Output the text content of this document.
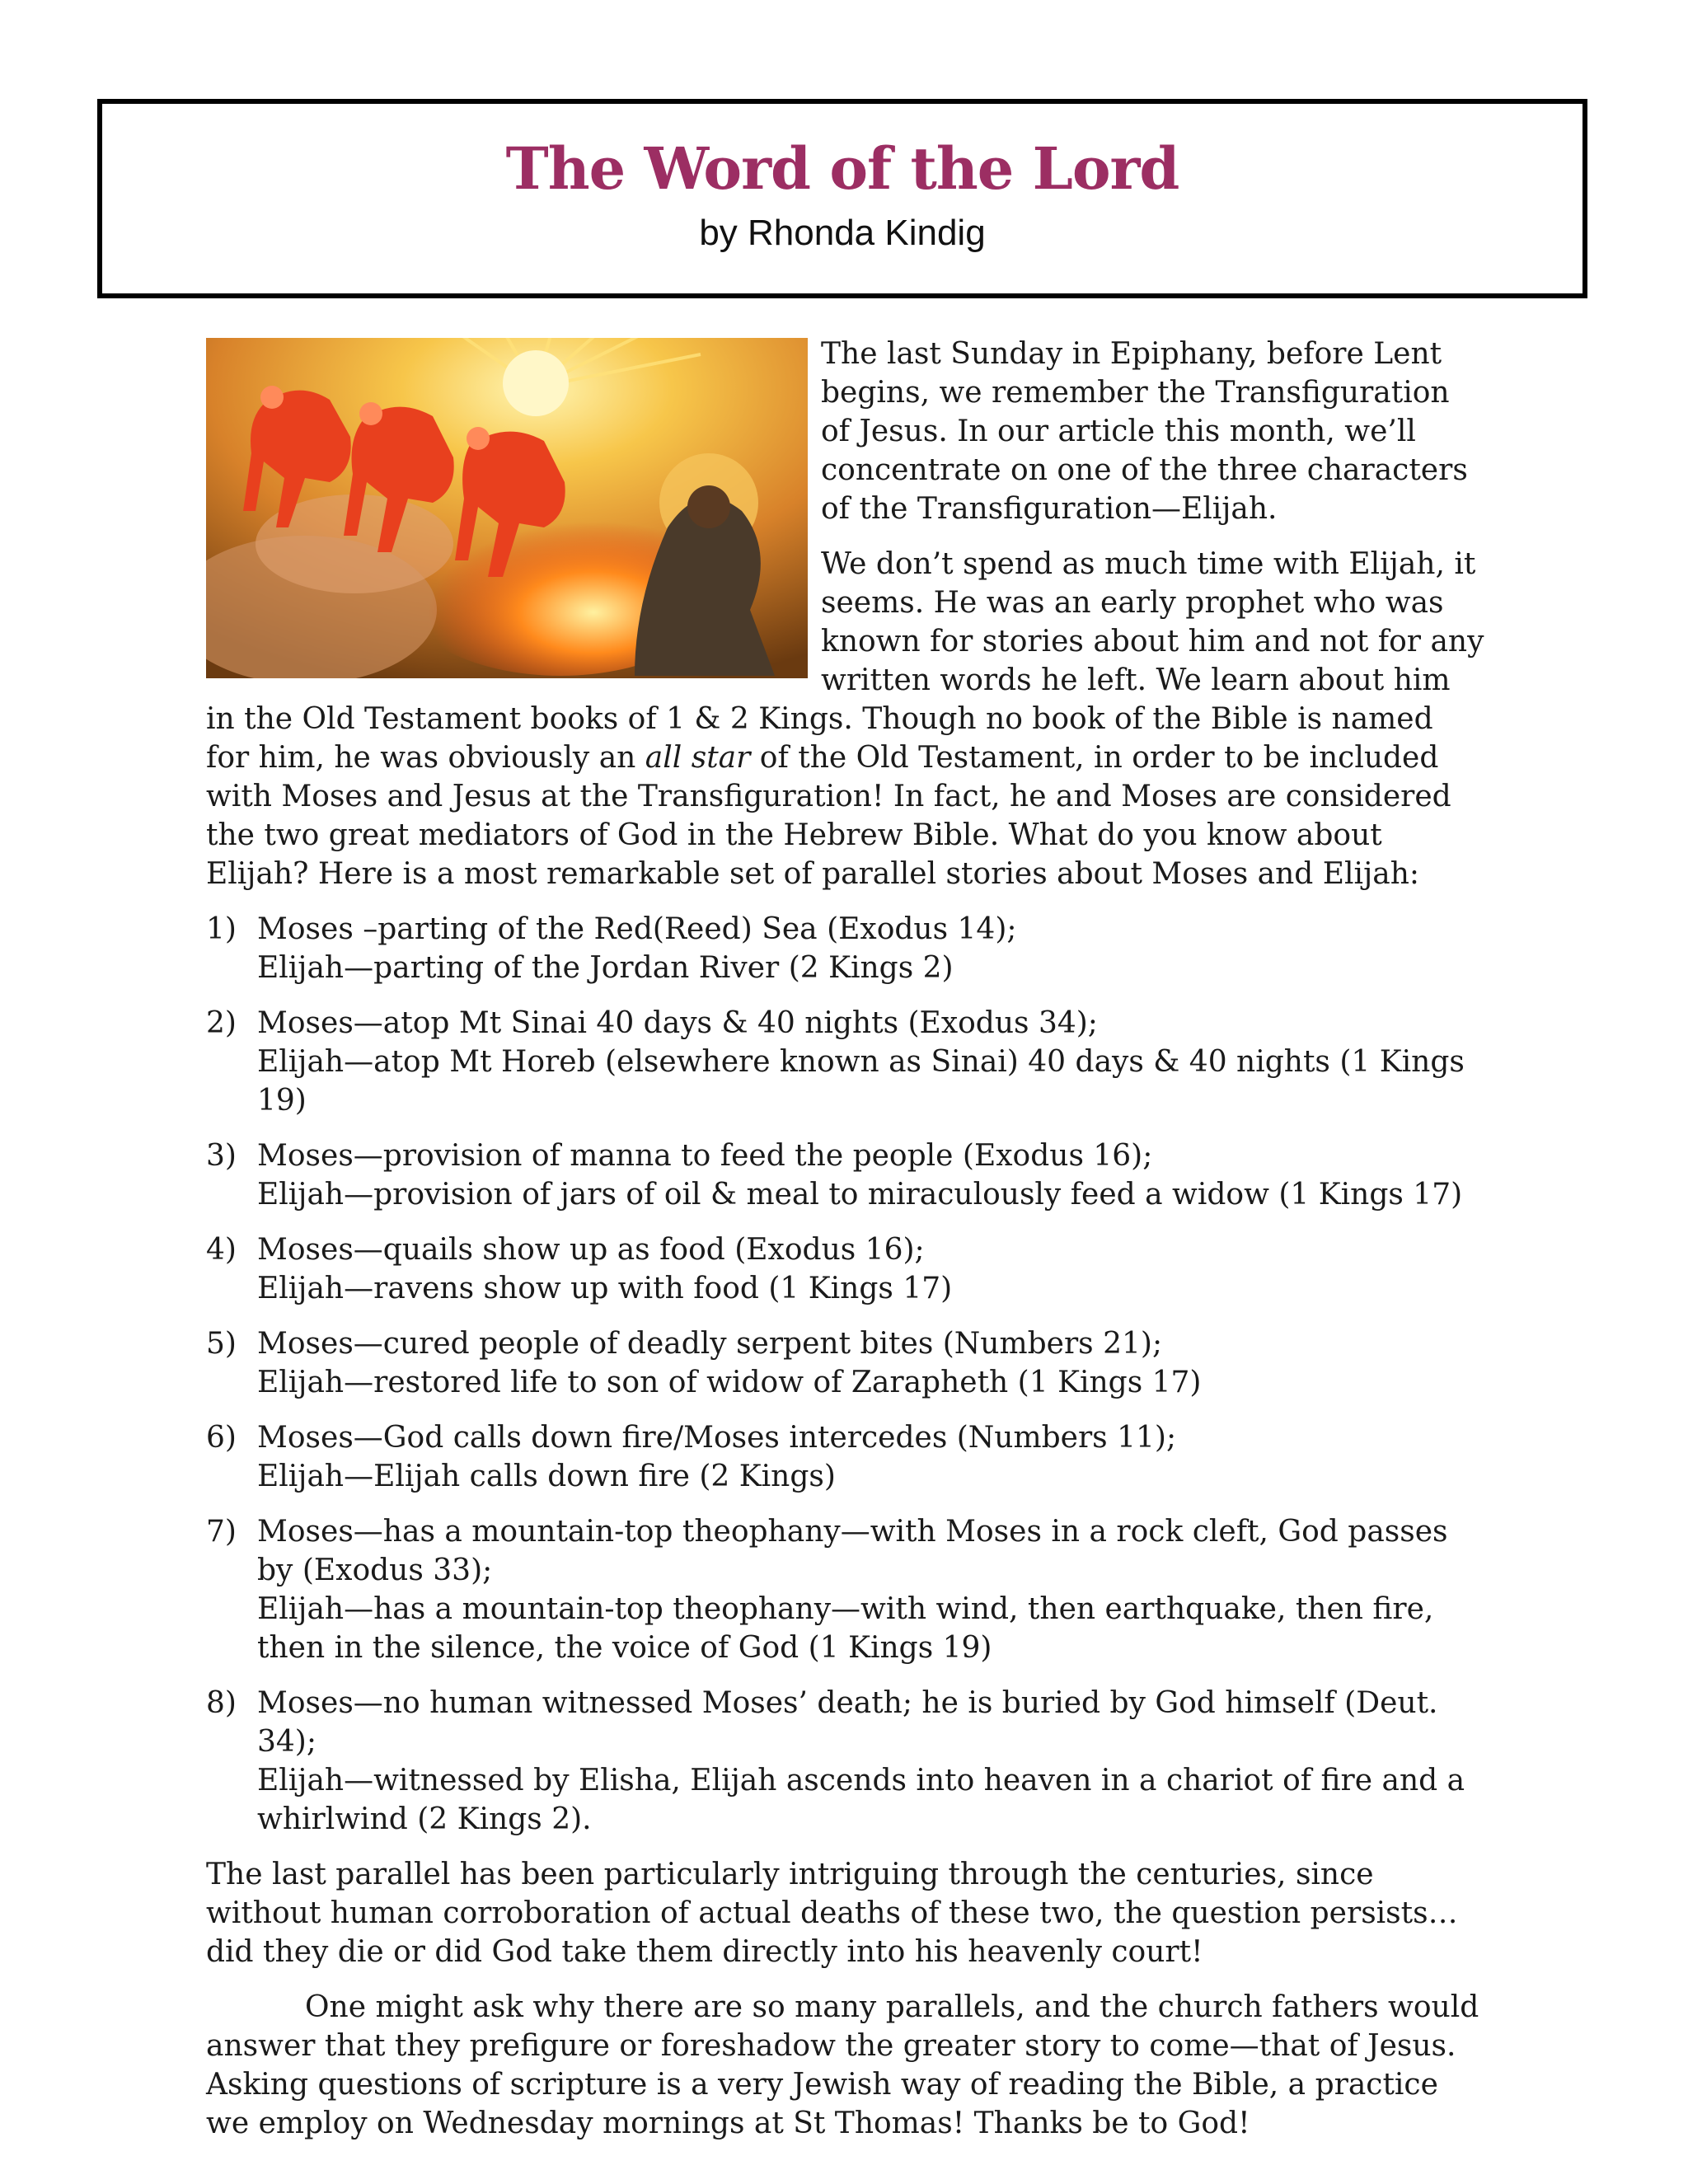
The Word of the Lord
by Rhonda Kindig

The last Sunday in Epiphany, before Lent begins, we remember the Transfiguration of Jesus. In our article this month, we’ll concentrate on one of the three characters of the Transfiguration—Elijah.

We don’t spend as much time with Elijah, it seems. He was an early prophet who was known for stories about him and not for any written words he left. We learn about him in the Old Testament books of 1 & 2 Kings. Though no book of the Bible is named for him, he was obviously an all star of the Old Testament, in order to be included with Moses and Jesus at the Transfiguration! In fact, he and Moses are considered the two great mediators of God in the Hebrew Bible. What do you know about Elijah? Here is a most remarkable set of parallel stories about Moses and Elijah:

1) Moses –parting of the Red(Reed) Sea (Exodus 14);
Elijah—parting of the Jordan River (2 Kings 2)
2) Moses—atop Mt Sinai 40 days & 40 nights (Exodus 34);
Elijah—atop Mt Horeb (elsewhere known as Sinai) 40 days & 40 nights (1 Kings 19)
3) Moses—provision of manna to feed the people (Exodus 16);
Elijah—provision of jars of oil & meal to miraculously feed a widow (1 Kings 17)
4) Moses—quails show up as food (Exodus 16);
Elijah—ravens show up with food (1 Kings 17)
5) Moses—cured people of deadly serpent bites (Numbers 21);
Elijah—restored life to son of widow of Zarapheth (1 Kings 17)
6) Moses—God calls down fire/Moses intercedes (Numbers 11);
Elijah—Elijah calls down fire (2 Kings)
7) Moses—has a mountain-top theophany—with Moses in a rock cleft, God passes by (Exodus 33);
Elijah—has a mountain-top theophany—with wind, then earthquake, then fire, then in the silence, the voice of God (1 Kings 19)
8) Moses—no human witnessed Moses’ death; he is buried by God himself (Deut. 34);
Elijah—witnessed by Elisha, Elijah ascends into heaven in a chariot of fire and a whirlwind (2 Kings 2).

The last parallel has been particularly intriguing through the centuries, since without human corroboration of actual deaths of these two, the question persists…did they die or did God take them directly into his heavenly court!

One might ask why there are so many parallels, and the church fathers would answer that they prefigure or foreshadow the greater story to come—that of Jesus. Asking questions of scripture is a very Jewish way of reading the Bible, a practice we employ on Wednesday mornings at St Thomas! Thanks be to God!
